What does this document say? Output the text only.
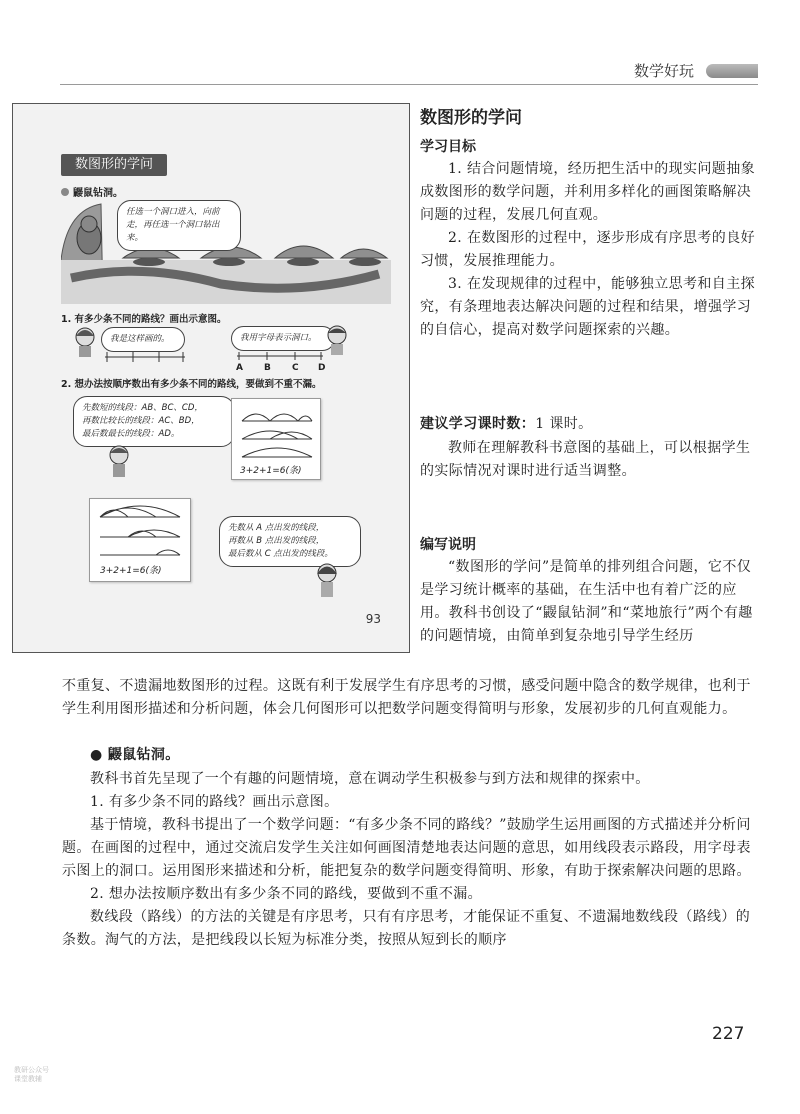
数学好玩
数图形的学问
鼹鼠钻洞。
任选一个洞口进入，向前走，再任选一个洞口钻出来。
1. 有多少条不同的路线？画出示意图。
我是这样画的。	我用字母表示洞口。
A B C D
2. 想办法按顺序数出有多少条不同的路线，要做到不重不漏。
先数短的线段：AB、BC、CD，
再数比较长的线段：AC、BD，
最后数最长的线段：AD。
3+2+1=6(条)
3+2+1=6(条)
先数从 A 点出发的线段，
再数从 B 点出发的线段，
最后数从 C 点出发的线段。
93
数图形的学问
学习目标

1. 结合问题情境，经历把生活中的现实问题抽象成数图形的数学问题，并利用多样化的画图策略解决问题的过程，发展几何直观。

2. 在数图形的过程中，逐步形成有序思考的良好习惯，发展推理能力。

3. 在发现规律的过程中，能够独立思考和自主探究，有条理地表达解决问题的过程和结果，增强学习的自信心，提高对数学问题探索的兴趣。

建议学习课时数：1 课时。

教师在理解教科书意图的基础上，可以根据学生的实际情况对课时进行适当调整。

编写说明

“数图形的学问”是简单的排列组合问题，它不仅是学习统计概率的基础，在生活中也有着广泛的应用。教科书创设了“鼹鼠钻洞”和“菜地旅行”两个有趣的问题情境，由简单到复杂地引导学生经历

不重复、不遗漏地数图形的过程。这既有利于发展学生有序思考的习惯，感受问题中隐含的数学规律，也利于学生利用图形描述和分析问题，体会几何图形可以把数学问题变得简明与形象，发展初步的几何直观能力。

● 鼹鼠钻洞。

教科书首先呈现了一个有趣的问题情境，意在调动学生积极参与到方法和规律的探索中。

1. 有多少条不同的路线？画出示意图。

基于情境，教科书提出了一个数学问题：“有多少条不同的路线？”鼓励学生运用画图的方式描述并分析问题。在画图的过程中，通过交流启发学生关注如何画图清楚地表达问题的意思，如用线段表示路段，用字母表示图上的洞口。运用图形来描述和分析，能把复杂的数学问题变得简明、形象，有助于探索解决问题的思路。

2. 想办法按顺序数出有多少条不同的路线，要做到不重不漏。

数线段（路线）的方法的关键是有序思考，只有有序思考，才能保证不重复、不遗漏地数线段（路线）的条数。淘气的方法，是把线段以长短为标准分类，按照从短到长的顺序

227
教研公众号
课堂教辅
